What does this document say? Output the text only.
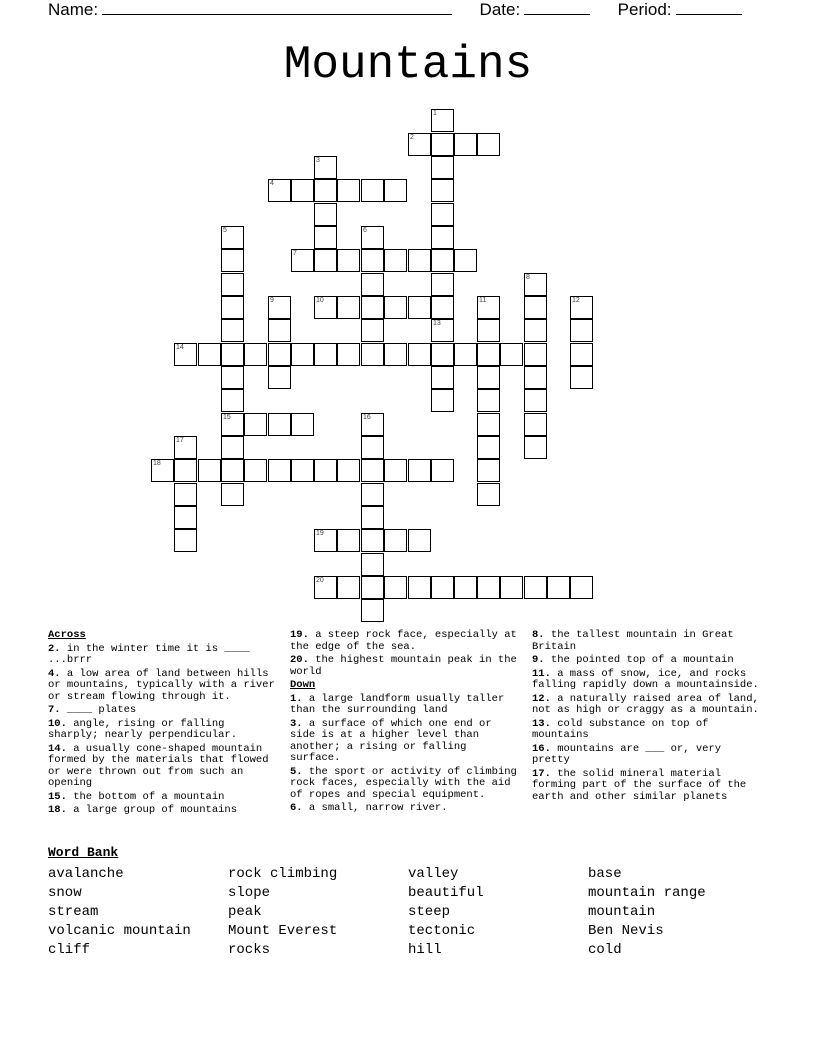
Name:	Date:	Period:
Mountains
1
2
3
4
5	6
7
8
9	10	11	12
13
14
15	16
17
18
19
20
Across
2. in the winter time it is ____ ...brrr
4. a low area of land between hills or mountains, typically with a river or stream flowing through it.
7. ____ plates
10. angle, rising or falling sharply; nearly perpendicular.
14. a usually cone-shaped mountain formed by the materials that flowed or were thrown out from such an opening
15. the bottom of a mountain
18. a large group of mountains
19. a steep rock face, especially at the edge of the sea.
20. the highest mountain peak in the world
Down
1. a large landform usually taller than the surrounding land
3. a surface of which one end or side is at a higher level than another; a rising or falling surface.
5. the sport or activity of climbing rock faces, especially with the aid of ropes and special equipment.
6. a small, narrow river.
8. the tallest mountain in Great Britain
9. the pointed top of a mountain
11. a mass of snow, ice, and rocks falling rapidly down a mountainside.
12. a naturally raised area of land, not as high or craggy as a mountain.
13. cold substance on top of mountains
16. mountains are ___ or, very pretty
17. the solid mineral material forming part of the surface of the earth and other similar planets
Word Bank
avalanche	rock climbing	valley	base
snow	slope	beautiful	mountain range
stream	peak	steep	mountain
volcanic mountain	Mount Everest	tectonic	Ben Nevis
cliff	rocks	hill	cold
